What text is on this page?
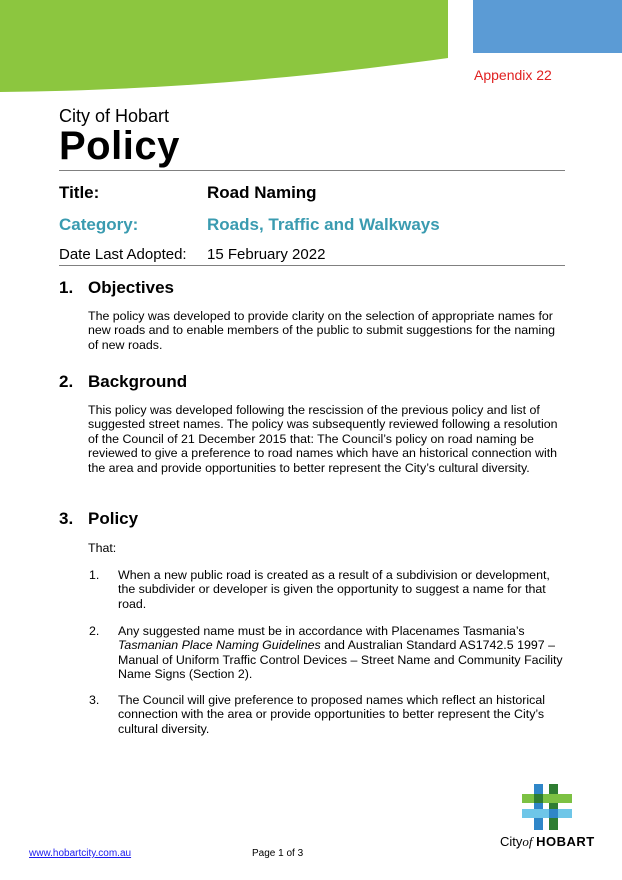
Appendix 22
City of Hobart
Policy
Title:	Road Naming
Category:	Roads, Traffic and Walkways
Date Last Adopted: 15 February 2022
1. Objectives
The policy was developed to provide clarity on the selection of appropriate names for new roads and to enable members of the public to submit suggestions for the naming of new roads.
2. Background
This policy was developed following the rescission of the previous policy and list of suggested street names. The policy was subsequently reviewed following a resolution of the Council of 21 December 2015 that: The Council’s policy on road naming be reviewed to give a preference to road names which have an historical connection with the area and provide opportunities to better represent the City’s cultural diversity.
3. Policy
That:
1. When a new public road is created as a result of a subdivision or development, the subdivider or developer is given the opportunity to suggest a name for that road.
2. Any suggested name must be in accordance with Placenames Tasmania’s Tasmanian Place Naming Guidelines and Australian Standard AS1742.5 1997 – Manual of Uniform Traffic Control Devices – Street Name and Community Facility Name Signs (Section 2).
3. The Council will give preference to proposed names which reflect an historical connection with the area or provide opportunities to better represent the City’s cultural diversity.
Cityof HOBART
www.hobartcity.com.au	Page 1 of 3
